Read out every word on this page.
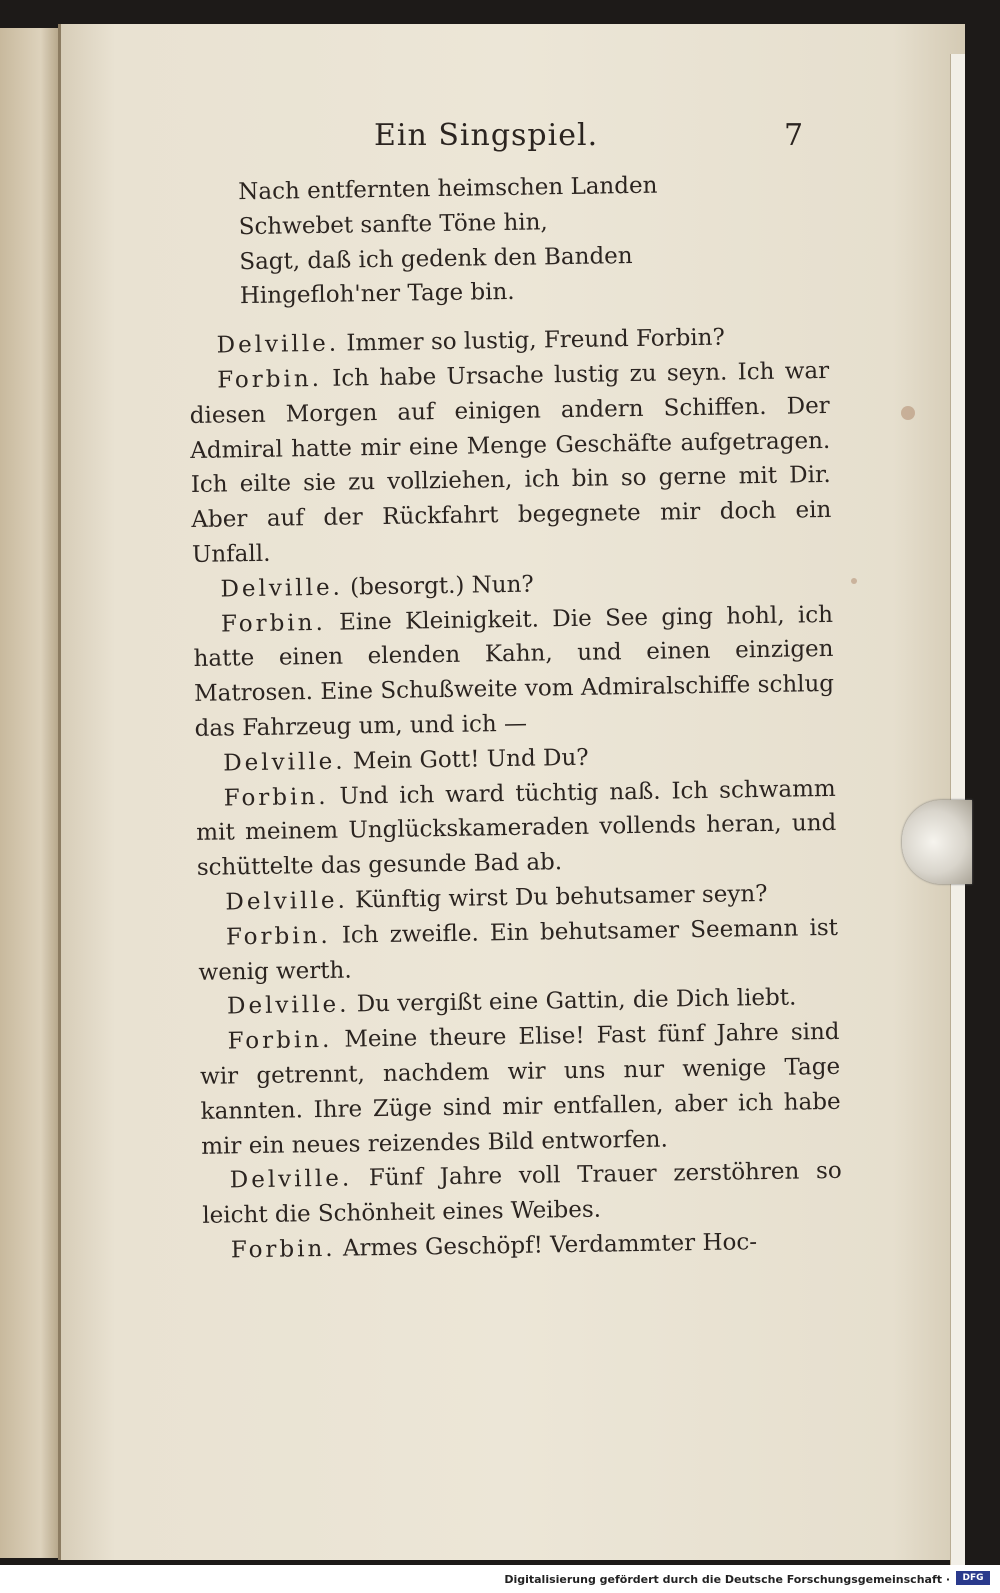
Ein Singspiel.	7
Nach entfernten heimschen Landen
Schwebet sanfte Töne hin,
Sagt, daß ich gedenk den Banden
Hingefloh'ner Tage bin.

Delville. Immer so lustig, Freund Forbin?

Forbin. Ich habe Ursache lustig zu seyn. Ich war diesen Morgen auf einigen andern Schiffen. Der Admiral hatte mir eine Menge Geschäfte aufgetragen. Ich eilte sie zu vollziehen, ich bin so gerne mit Dir. Aber auf der Rückfahrt begegnete mir doch ein Unfall.

Delville. (besorgt.) Nun?

Forbin. Eine Kleinigkeit. Die See ging hohl, ich hatte einen elenden Kahn, und einen einzigen Matrosen. Eine Schußweite vom Admiralschiffe schlug das Fahrzeug um, und ich —

Delville. Mein Gott! Und Du?

Forbin. Und ich ward tüchtig naß. Ich schwamm mit meinem Unglückskameraden vollends heran, und schüttelte das gesunde Bad ab.

Delville. Künftig wirst Du behutsamer seyn?

Forbin. Ich zweifle. Ein behutsamer Seemann ist wenig werth.

Delville. Du vergißt eine Gattin, die Dich liebt.

Forbin. Meine theure Elise! Fast fünf Jahre sind wir getrennt, nachdem wir uns nur wenige Tage kannten. Ihre Züge sind mir entfallen, aber ich habe mir ein neues reizendes Bild entworfen.

Delville. Fünf Jahre voll Trauer zerstöhren so leicht die Schönheit eines Weibes.

Forbin. Armes Geschöpf! Verdammter Hoc-

Digitalisierung gefördert durch die Deutsche Forschungsgemeinschaft ·	DFG
